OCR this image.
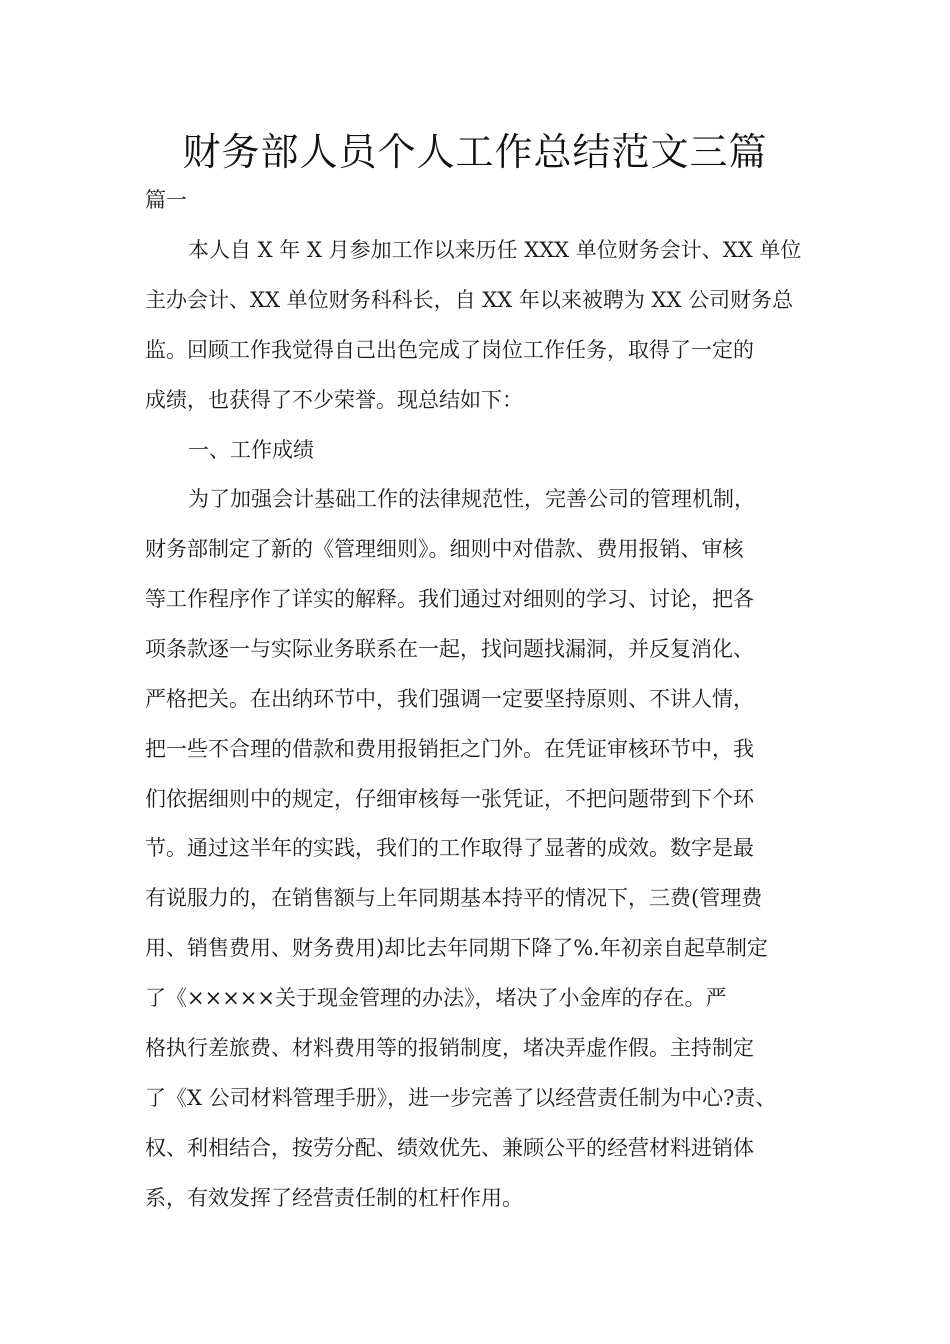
财务部人员个人工作总结范文三篇

篇一

本人自 X 年 X 月参加工作以来历任 XXX 单位财务会计、XX 单位

主办会计、XX 单位财务科科长，自 XX 年以来被聘为 XX 公司财务总

监。回顾工作我觉得自己出色完成了岗位工作任务，取得了一定的

成绩，也获得了不少荣誉。现总结如下：

一、工作成绩

为了加强会计基础工作的法律规范性，完善公司的管理机制，

财务部制定了新的《管理细则》。细则中对借款、费用报销、审核

等工作程序作了详实的解释。我们通过对细则的学习、讨论，把各

项条款逐一与实际业务联系在一起，找问题找漏洞，并反复消化、

严格把关。在出纳环节中，我们强调一定要坚持原则、不讲人情，

把一些不合理的借款和费用报销拒之门外。在凭证审核环节中，我

们依据细则中的规定，仔细审核每一张凭证，不把问题带到下个环

节。通过这半年的实践，我们的工作取得了显著的成效。数字是最

有说服力的，在销售额与上年同期基本持平的情况下，三费(管理费

用、销售费用、财务费用)却比去年同期下降了%.年初亲自起草制定

了《×××××关于现金管理的办法》，堵决了小金库的存在。严

格执行差旅费、材料费用等的报销制度，堵决弄虚作假。主持制定

了《X 公司材料管理手册》，进一步完善了以经营责任制为中心?责、

权、利相结合，按劳分配、绩效优先、兼顾公平的经营材料进销体

系，有效发挥了经营责任制的杠杆作用。
